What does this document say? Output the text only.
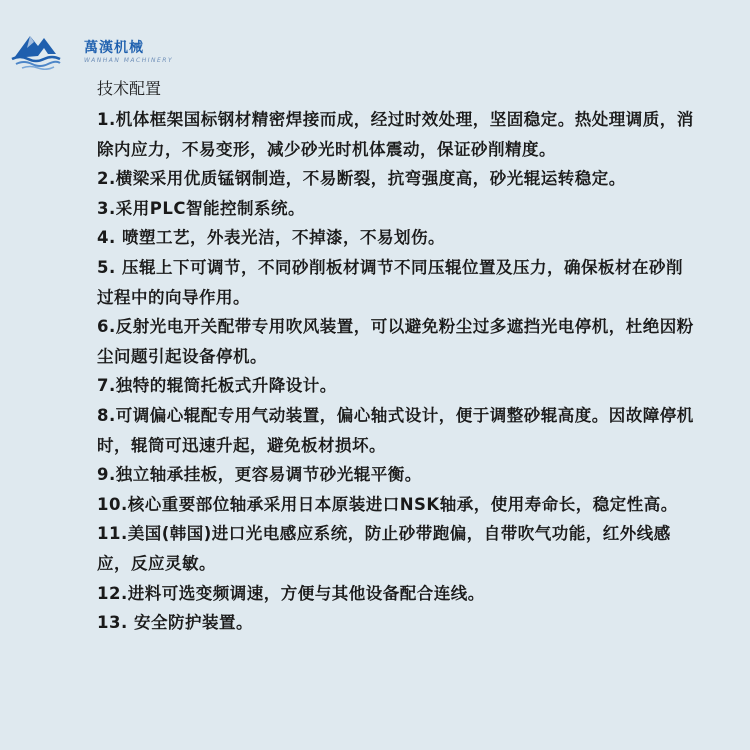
萬漢机械
WANHAN MACHINERY
技术配置
1.机体框架国标钢材精密焊接而成，经过时效处理，坚固稳定。热处理调质，消除内应力，不易变形，减少砂光时机体震动，保证砂削精度。
2.横梁采用优质锰钢制造，不易断裂，抗弯强度高，砂光辊运转稳定。
3.采用PLC智能控制系统。
4. 喷塑工艺，外表光洁，不掉漆，不易划伤。
5. 压辊上下可调节，不同砂削板材调节不同压辊位置及压力，确保板材在砂削过程中的向导作用。
6.反射光电开关配带专用吹风装置，可以避免粉尘过多遮挡光电停机，杜绝因粉尘问题引起设备停机。
7.独特的辊筒托板式升降设计。
8.可调偏心辊配专用气动装置，偏心轴式设计，便于调整砂辊高度。因故障停机时，辊筒可迅速升起，避免板材损坏。
9.独立轴承挂板，更容易调节砂光辊平衡。
10.核心重要部位轴承采用日本原装进口NSK轴承，使用寿命长，稳定性高。
11.美国(韩国)进口光电感应系统，防止砂带跑偏，自带吹气功能，红外线感应，反应灵敏。
12.进料可选变频调速，方便与其他设备配合连线。
13. 安全防护装置。
